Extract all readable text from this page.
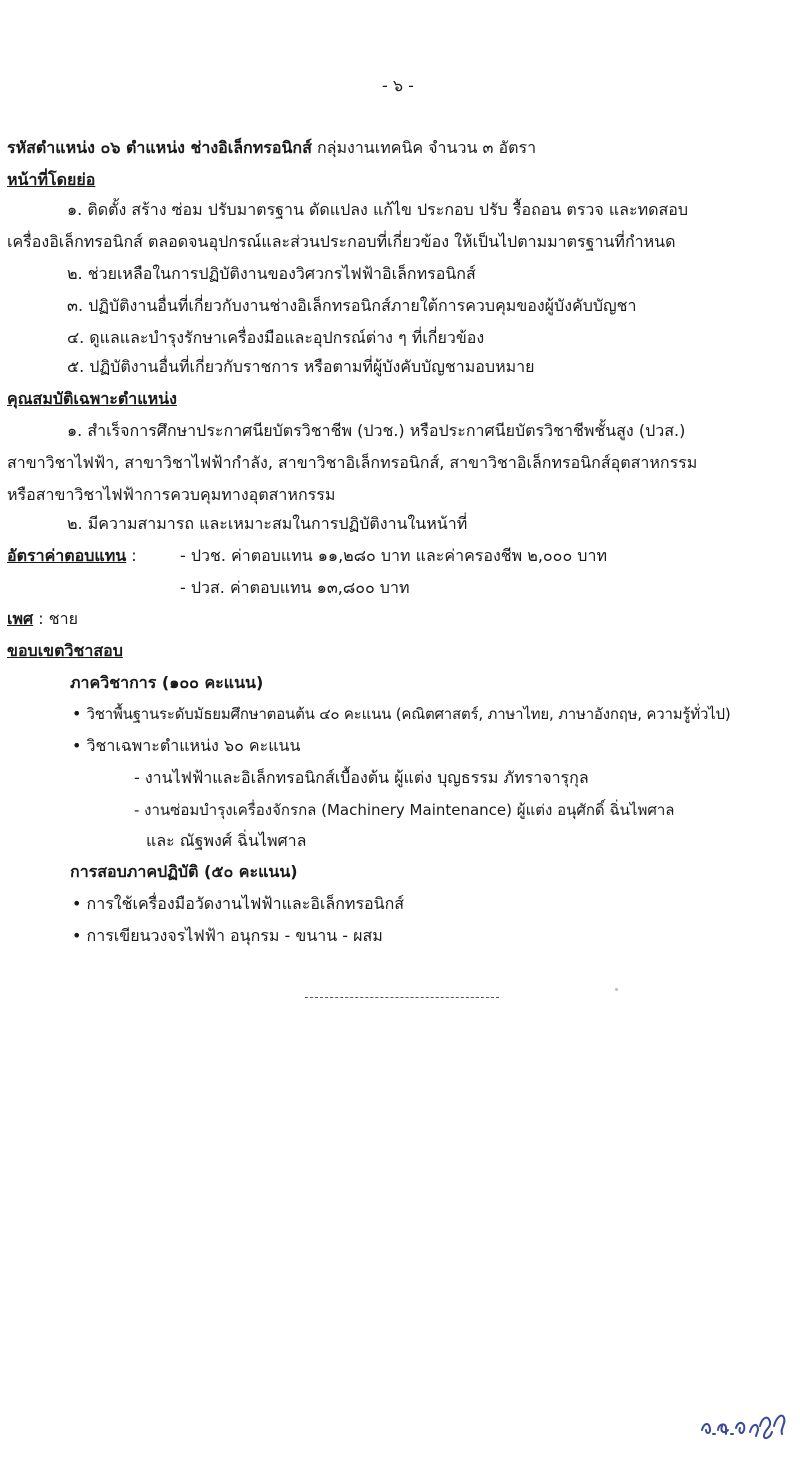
- ๖ -
รหัสตำแหน่ง ๐๖ ตำแหน่ง ช่างอิเล็กทรอนิกส์ กลุ่มงานเทคนิค จำนวน ๓ อัตรา
หน้าที่โดยย่อ
๑. ติดตั้ง สร้าง ซ่อม ปรับมาตรฐาน ดัดแปลง แก้ไข ประกอบ ปรับ รื้อถอน ตรวจ และทดสอบ
เครื่องอิเล็กทรอนิกส์ ตลอดจนอุปกรณ์และส่วนประกอบที่เกี่ยวข้อง ให้เป็นไปตามมาตรฐานที่กำหนด
๒. ช่วยเหลือในการปฏิบัติงานของวิศวกรไฟฟ้าอิเล็กทรอนิกส์
๓. ปฏิบัติงานอื่นที่เกี่ยวกับงานช่างอิเล็กทรอนิกส์ภายใต้การควบคุมของผู้บังคับบัญชา
๔. ดูแลและบำรุงรักษาเครื่องมือและอุปกรณ์ต่าง ๆ ที่เกี่ยวข้อง
๕. ปฏิบัติงานอื่นที่เกี่ยวกับราชการ หรือตามที่ผู้บังคับบัญชามอบหมาย
คุณสมบัติเฉพาะตำแหน่ง
๑. สำเร็จการศึกษาประกาศนียบัตรวิชาชีพ (ปวช.) หรือประกาศนียบัตรวิชาชีพชั้นสูง (ปวส.)
สาขาวิชาไฟฟ้า, สาขาวิชาไฟฟ้ากำลัง, สาขาวิชาอิเล็กทรอนิกส์, สาขาวิชาอิเล็กทรอนิกส์อุตสาหกรรม
หรือสาขาวิชาไฟฟ้าการควบคุมทางอุตสาหกรรม
๒. มีความสามารถ และเหมาะสมในการปฏิบัติงานในหน้าที่
อัตราค่าตอบแทน :	- ปวช. ค่าตอบแทน ๑๑,๒๘๐ บาท และค่าครองชีพ ๒,๐๐๐ บาท
- ปวส. ค่าตอบแทน ๑๓,๘๐๐ บาท
เพศ : ชาย
ขอบเขตวิชาสอบ
ภาควิชาการ (๑๐๐ คะแนน)
• วิชาพื้นฐานระดับมัธยมศึกษาตอนต้น ๔๐ คะแนน (คณิตศาสตร์, ภาษาไทย, ภาษาอังกฤษ, ความรู้ทั่วไป)
• วิชาเฉพาะตำแหน่ง ๖๐ คะแนน
- งานไฟฟ้าและอิเล็กทรอนิกส์เบื้องต้น ผู้แต่ง บุญธรรม ภัทราจารุกุล
- งานซ่อมบำรุงเครื่องจักรกล (Machinery Maintenance) ผู้แต่ง อนุศักดิ์ ฉิ่นไพศาล
และ ณัฐพงศ์ ฉิ่นไพศาล
การสอบภาคปฏิบัติ (๕๐ คะแนน)
• การใช้เครื่องมือวัดงานไฟฟ้าและอิเล็กทรอนิกส์
• การเขียนวงจรไฟฟ้า อนุกรม - ขนาน - ผสม
